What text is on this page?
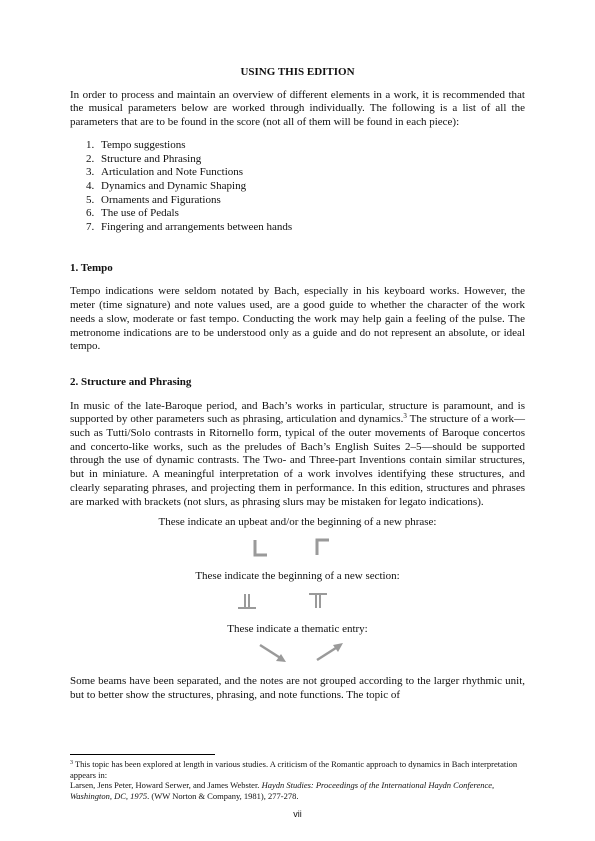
USING THIS EDITION

In order to process and maintain an overview of different elements in a work, it is recommended that the musical parameters below are worked through individually. The following is a list of all the parameters that are to be found in the score (not all of them will be found in each piece):

1. Tempo suggestions
2. Structure and Phrasing
3. Articulation and Note Functions
4. Dynamics and Dynamic Shaping
5. Ornaments and Figurations
6. The use of Pedals
7. Fingering and arrangements between hands
1. Tempo

Tempo indications were seldom notated by Bach, especially in his keyboard works. However, the meter (time signature) and note values used, are a good guide to whether the character of the work needs a slow, moderate or fast tempo. Conducting the work may help gain a feeling of the pulse. The metronome indications are to be understood only as a guide and do not represent an absolute, or ideal tempo.

2. Structure and Phrasing

In music of the late-Baroque period, and Bach’s works in particular, structure is paramount, and is supported by other parameters such as phrasing, articulation and dynamics.$^3$ The structure of a work—such as Tutti/Solo contrasts in Ritornello form, typical of the outer movements of Baroque concertos and concerto-like works, such as the preludes of Bach’s English Suites 2–5—should be supported through the use of dynamic contrasts. The Two- and Three-part Inventions contain similar structures, but in miniature. A meaningful interpretation of a work involves identifying these structures, and clearly separating phrases, and projecting them in performance. In this edition, structures and phrases are marked with brackets (not slurs, as phrasing slurs may be mistaken for legato indications).

These indicate an upbeat and/or the beginning of a new phrase:
These indicate the beginning of a new section:
These indicate a thematic entry:

Some beams have been separated, and the notes are not grouped according to the larger rhythmic unit, but to better show the structures, phrasing, and note functions. The topic of

$^3$ This topic has been explored at length in various studies. A criticism of the Romantic approach to dynamics in Bach interpretation appears in:
Larsen, Jens Peter, Howard Serwer, and James Webster. Haydn Studies: Proceedings of the International Haydn Conference, Washington, DC, 1975. (WW Norton & Company, 1981), 277-278.
vii
